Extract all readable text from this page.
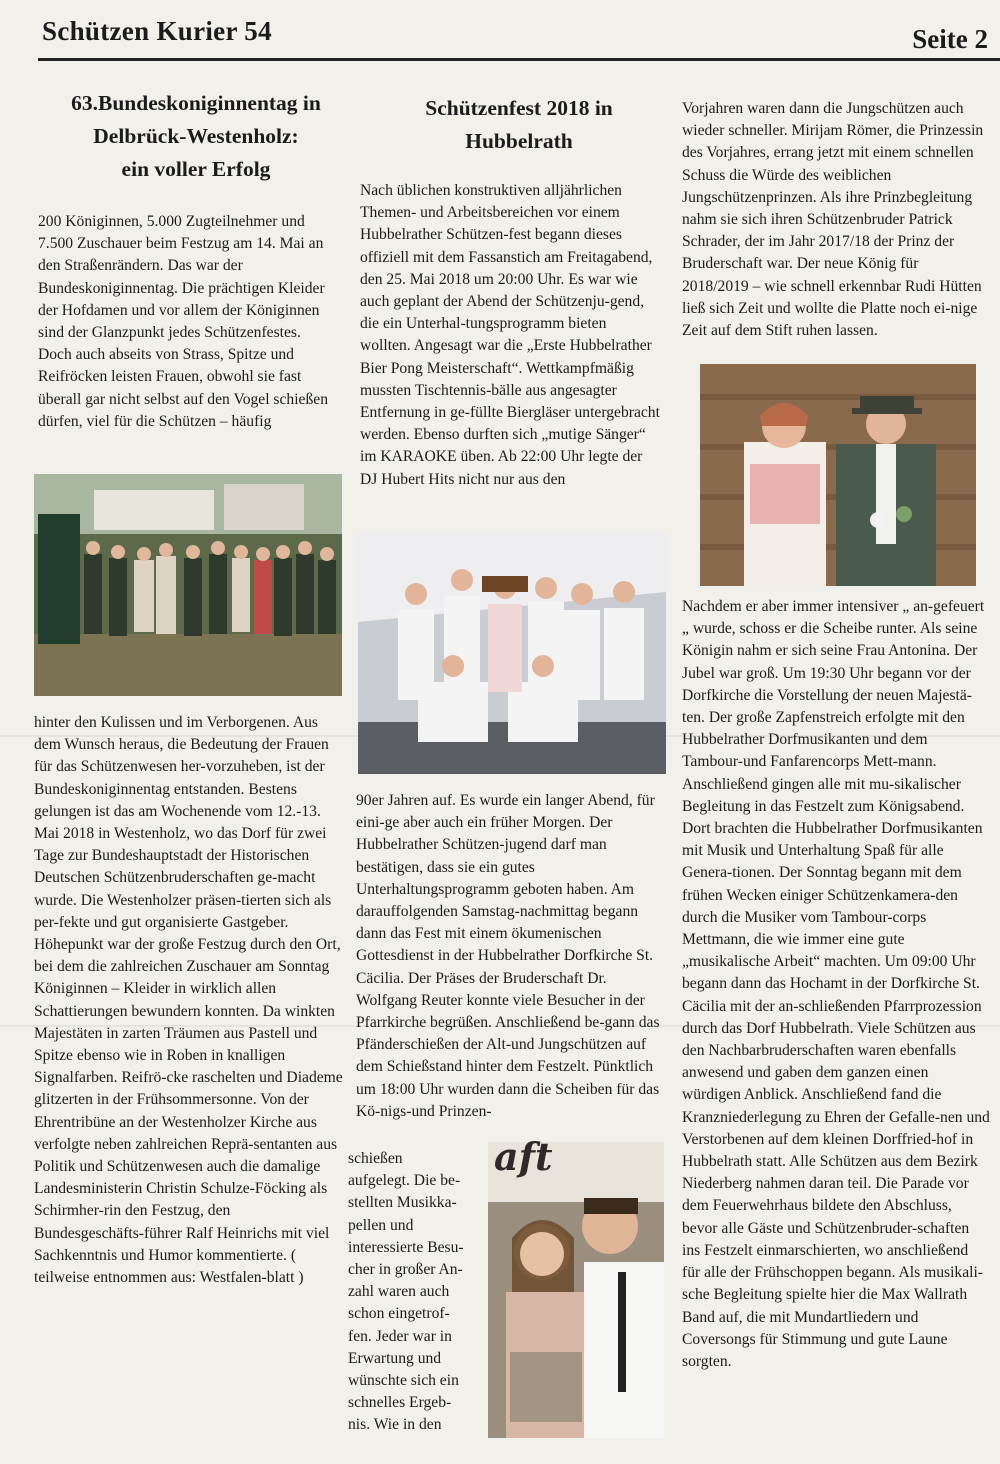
Schützen Kurier 54	Seite 2
63.Bundeskoniginnentag in
Delbrück-Westenholz:
ein voller Erfolg

200 Königinnen, 5.000 Zugteilnehmer und 7.500 Zuschauer beim Festzug am 14. Mai an den Straßenrändern. Das war der Bundeskoniginnentag. Die prächtigen Kleider der Hofdamen und vor allem der Königinnen sind der Glanzpunkt jedes Schützenfestes. Doch auch abseits von Strass, Spitze und Reifröcken leisten Frauen, obwohl sie fast überall gar nicht selbst auf den Vogel schießen dürfen, viel für die Schützen – häufig

hinter den Kulissen und im Verborgenen. Aus dem Wunsch heraus, die Bedeutung der Frauen für das Schützenwesen her-vorzuheben, ist der Bundeskoniginnentag entstanden. Bestens gelungen ist das am Wochenende vom 12.-13. Mai 2018 in Westenholz, wo das Dorf für zwei Tage zur Bundeshauptstadt der Historischen Deutschen Schützenbruderschaften ge-macht wurde. Die Westenholzer präsen-tierten sich als per-fekte und gut organisierte Gastgeber. Höhepunkt war der große Festzug durch den Ort, bei dem die zahlreichen Zuschauer am Sonntag Königinnen – Kleider in wirklich allen Schattierungen bewundern konnten. Da winkten Majestäten in zarten Träumen aus Pastell und Spitze ebenso wie in Roben in knalligen Signalfarben. Reifrö-cke raschelten und Diademe glitzerten in der Frühsommersonne. Von der Ehrentribüne an der Westenholzer Kirche aus verfolgte neben zahlreichen Reprä-sentanten aus Politik und Schützenwesen auch die damalige Landesministerin Christin Schulze-Föcking als Schirmher-rin den Festzug, den Bundesgeschäfts-führer Ralf Heinrichs mit viel Sachkenntnis und Humor kommentierte. ( teilweise entnommen aus: Westfalen-blatt )

Schützenfest 2018 in
Hubbelrath

Nach üblichen konstruktiven alljährlichen Themen- und Arbeitsbereichen vor einem Hubbelrather Schützen-fest begann dieses offiziell mit dem Fassanstich am Freitagabend, den 25. Mai 2018 um 20:00 Uhr. Es war wie auch geplant der Abend der Schützenju-gend, die ein Unterhal-tungsprogramm bieten wollten. Angesagt war die „Erste Hubbelrather Bier Pong Meisterschaft“. Wettkampfmäßig mussten Tischtennis-bälle aus angesagter Entfernung in ge-füllte Biergläser untergebracht werden. Ebenso durften sich „mutige Sänger“ im KARAOKE üben. Ab 22:00 Uhr legte der DJ Hubert Hits nicht nur aus den

90er Jahren auf. Es wurde ein langer Abend, für eini-ge aber auch ein früher Morgen. Der Hubbelrather Schützen-jugend darf man bestätigen, dass sie ein gutes Unterhaltungsprogramm geboten haben. Am darauffolgenden Samstag-nachmittag begann dann das Fest mit einem ökumenischen Gottesdienst in der Hubbelrather Dorfkirche St. Cäcilia. Der Präses der Bruderschaft Dr. Wolfgang Reuter konnte viele Besucher in der Pfarrkirche begrüßen. Anschließend be-gann das Pfänderschießen der Alt-und Jungschützen auf dem Schießstand hinter dem Festzelt. Pünktlich um 18:00 Uhr wurden dann die Scheiben für das Kö-nigs-und Prinzen-

schießen

aufgelegt. Die be-

stellten Musikka-

pellen und

interessierte Besu-

cher in großer An-

zahl waren auch

schon eingetrof-

fen. Jeder war in

Erwartung und

wünschte sich ein

schnelles Ergeb-

nis. Wie in den

aft

Vorjahren waren dann die Jungschützen auch wieder schneller. Mirijam Römer, die Prinzessin des Vorjahres, errang jetzt mit einem schnellen Schuss die Würde des weiblichen Jungschützenprinzen. Als ihre Prinzbegleitung nahm sie sich ihren Schützenbruder Patrick Schrader, der im Jahr 2017/18 der Prinz der Bruderschaft war. Der neue König für 2018/2019 – wie schnell erkennbar Rudi Hütten ließ sich Zeit und wollte die Platte noch ei-nige Zeit auf dem Stift ruhen lassen.

Nachdem er aber immer intensiver „ an-gefeuert „ wurde, schoss er die Scheibe runter. Als seine Königin nahm er sich seine Frau Antonina. Der Jubel war groß. Um 19:30 Uhr begann vor der Dorfkirche die Vorstellung der neuen Majestä-ten. Der große Zapfenstreich erfolgte mit den Hubbelrather Dorfmusikanten und dem Tambour-und Fanfarencorps Mett-mann. Anschließend gingen alle mit mu-sikalischer Begleitung in das Festzelt zum Königsabend. Dort brachten die Hubbelrather Dorfmusikanten mit Musik und Unterhaltung Spaß für alle Genera-tionen. Der Sonntag begann mit dem frühen Wecken einiger Schützenkamera-den durch die Musiker vom Tambour-corps Mettmann, die wie immer eine gute „musikalische Arbeit“ machten. Um 09:00 Uhr begann dann das Hochamt in der Dorfkirche St. Cäcilia mit der an-schließenden Pfarrprozession durch das Dorf Hubbelrath. Viele Schützen aus den Nachbarbruderschaften waren ebenfalls anwesend und gaben dem ganzen einen würdigen Anblick. Anschließend fand die Kranzniederlegung zu Ehren der Gefalle-nen und Verstorbenen auf dem kleinen Dorffried-hof in Hubbelrath statt. Alle Schützen aus dem Bezirk Niederberg nahmen daran teil. Die Parade vor dem Feuerwehrhaus bildete den Abschluss, bevor alle Gäste und Schützenbruder-schaften ins Festzelt einmarschierten, wo anschließend für alle der Frühschoppen begann. Als musikali-sche Begleitung spielte hier die Max Wallrath Band auf, die mit Mundartliedern und Coversongs für Stimmung und gute Laune sorgten.
